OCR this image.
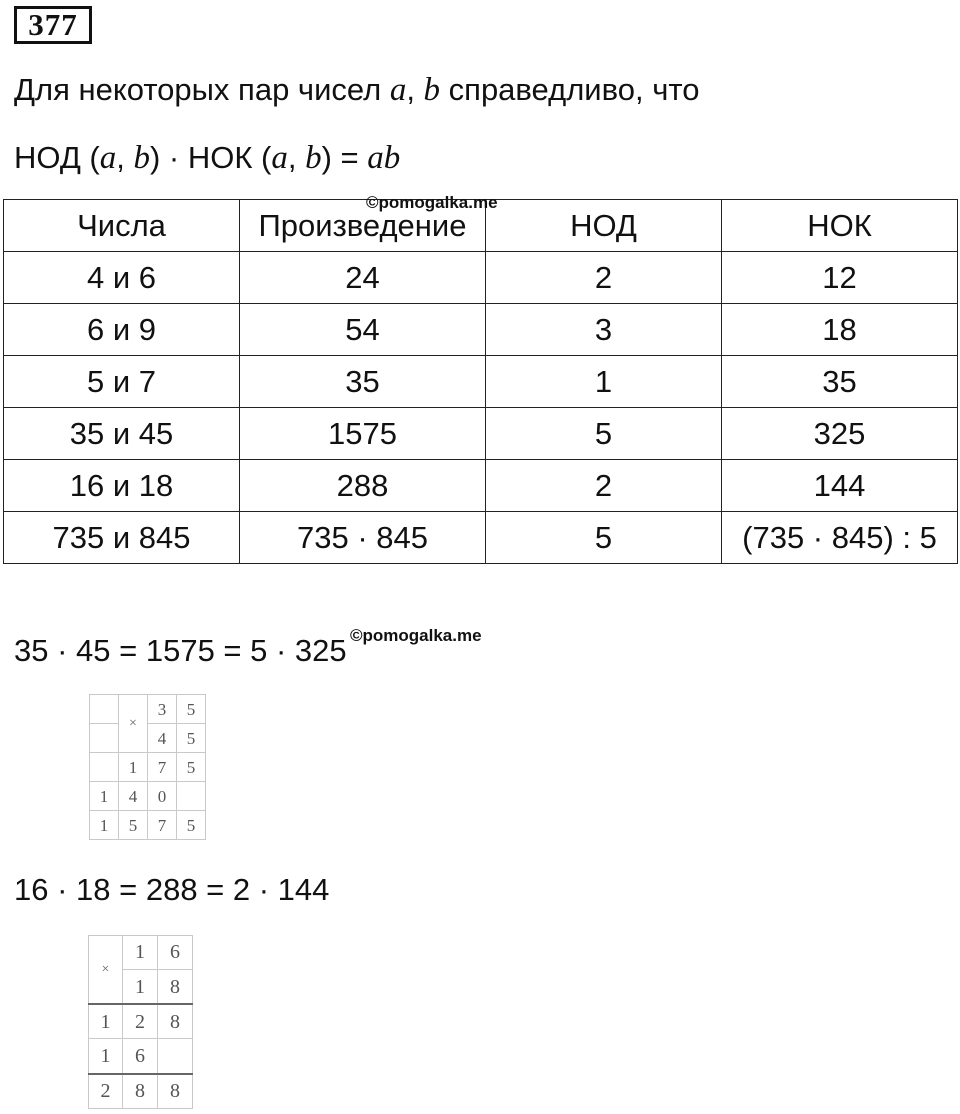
377
Для некоторых пар чисел a, b справедливо, что
НОД (a, b) · НОК (a, b) = ab
Числа	Произведение	НОД	НОК
4 и 6	24	2	12
6 и 9	54	3	18
5 и 7	35	1	35
35 и 45	1575	5	325
16 и 18	288	2	144
735 и 845	735 · 845	5	(735 · 845) : 5
©pomogalka.me
35 · 45 = 1575 = 5 · 325 ©pomogalka.me
	×	3	5
		4	5
	1	7	5
1	4	0	
1	5	7	5
16 · 18 = 288 = 2 · 144
×	1	6
	1	8
1	2	8
1	6	
2	8	8
